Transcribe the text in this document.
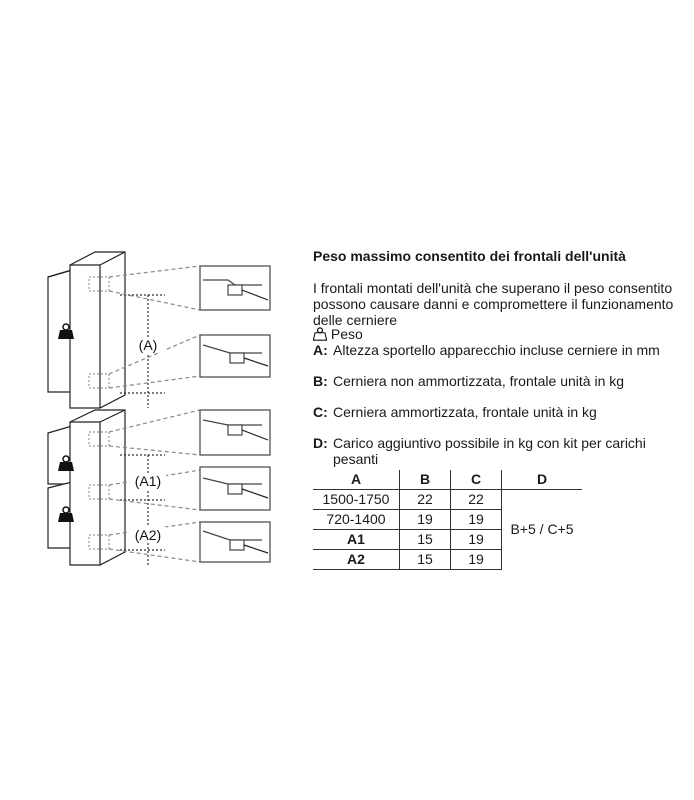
(A)
(A1)
(A2)
Peso massimo consentito dei frontali dell'unità
I frontali montati dell'unità che superano il peso consentito possono causare danni e compromettere il funzionamento delle cerniere
Peso
A: Altezza sportello apparecchio incluse cerniere in mm
B: Cerniera non ammortizzata, frontale unità in kg
C: Cerniera ammortizzata, frontale unità in kg
D: Carico aggiuntivo possibile in kg con kit per carichi pesanti
A	B	C	D
1500-1750	22	22	B+5 / C+5
720-1400	19	19	
A1	15	19	
A2	15	19	
